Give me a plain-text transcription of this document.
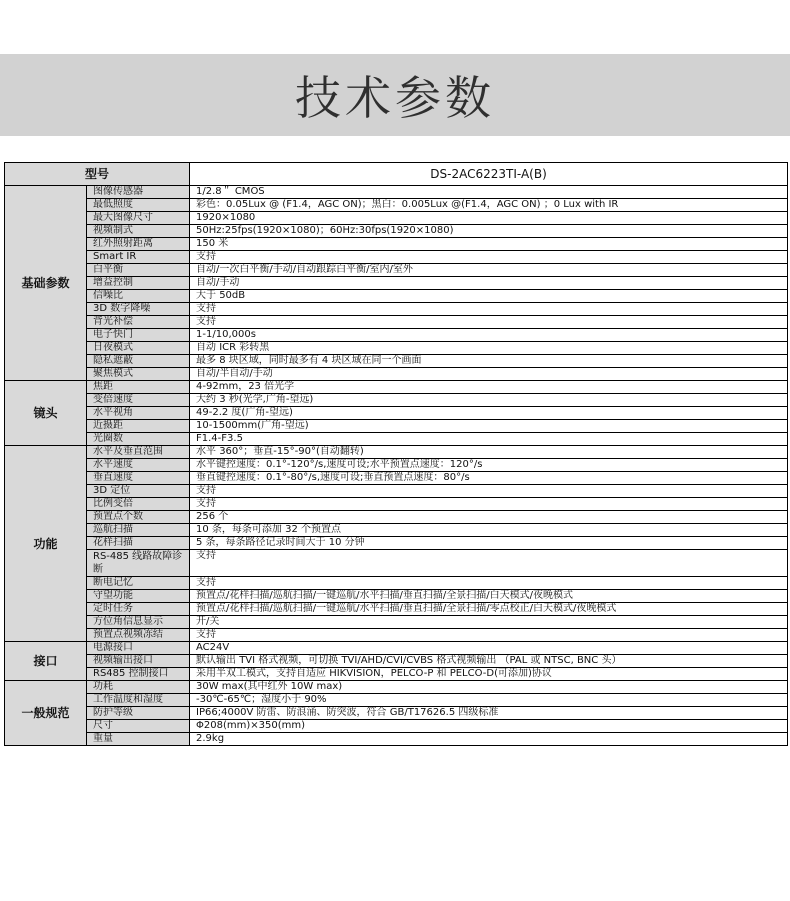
技术参数
型号		DS-2AC6223TI-A(B)
基础参数	图像传感器	1/2.8＂ CMOS
	最低照度	彩色：0.05Lux @ (F1.4，AGC ON)；黑白：0.005Lux @(F1.4，AGC ON) ；0 Lux with IR
	最大图像尺寸	1920×1080
	视频制式	50Hz:25fps(1920×1080)；60Hz:30fps(1920×1080)
	红外照射距离	150 米
	Smart IR	支持
	白平衡	自动/一次白平衡/手动/自动跟踪白平衡/室内/室外
	增益控制	自动/手动
	信噪比	大于 50dB
	3D 数字降噪	支持
	背光补偿	支持
	电子快门	1-1/10,000s
	日夜模式	自动 ICR 彩转黑
	隐私遮蔽	最多 8 块区域，同时最多有 4 块区域在同一个画面
	聚焦模式	自动/半自动/手动
镜头	焦距	4-92mm，23 倍光学
	变倍速度	大约 3 秒(光学,广角-望远)
	水平视角	49-2.2 度(广角-望远)
	近摄距	10-1500mm(广角-望远)
	光圈数	F1.4-F3.5
功能	水平及垂直范围	水平 360°；垂直-15°-90°(自动翻转)
	水平速度	水平键控速度：0.1°-120°/s,速度可设;水平预置点速度：120°/s
	垂直速度	垂直键控速度：0.1°-80°/s,速度可设;垂直预置点速度：80°/s
	3D 定位	支持
	比例变倍	支持
	预置点个数	256 个
	巡航扫描	10 条，每条可添加 32 个预置点
	花样扫描	5 条，每条路径记录时间大于 10 分钟
	RS-485 线路故障诊断	支持
	断电记忆	支持
	守望功能	预置点/花样扫描/巡航扫描/一键巡航/水平扫描/垂直扫描/全景扫描/白天模式/夜晚模式
	定时任务	预置点/花样扫描/巡航扫描/一键巡航/水平扫描/垂直扫描/全景扫描/零点校正/白天模式/夜晚模式
	方位角信息显示	开/关
	预置点视频冻结	支持
接口	电源接口	AC24V
	视频输出接口	默认输出 TVI 格式视频，可切换 TVI/AHD/CVI/CVBS 格式视频输出 （PAL 或 NTSC, BNC 头）
	RS485 控制接口	采用半双工模式，支持自适应 HIKVISION，PELCO-P 和 PELCO-D(可添加)协议
一般规范	功耗	30W max(其中红外 10W max)
	工作温度和湿度	-30℃-65℃；湿度小于 90%
	防护等级	IP66;4000V 防雷、防浪涌、防突波，符合 GB/T17626.5 四级标准
	尺寸	Φ208(mm)×350(mm)
	重量	2.9kg
